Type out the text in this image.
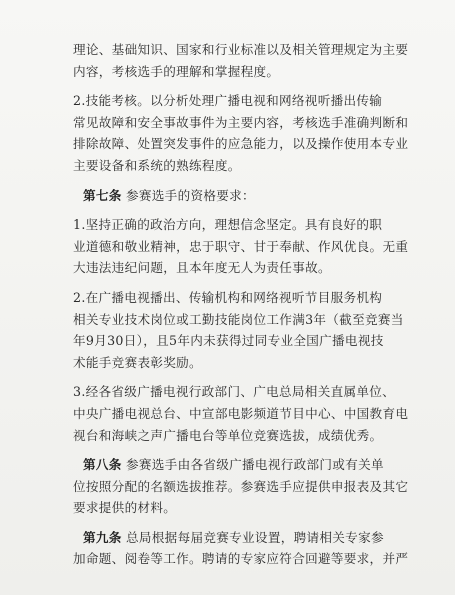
理论、基础知识、国家和行业标准以及相关管理规定为主要
内容，考核选手的理解和掌握程度。
2.技能考核。以分析处理广播电视和网络视听播出传输
常见故障和安全事故事件为主要内容，考核选手准确判断和
排除故障、处置突发事件的应急能力，以及操作使用本专业
主要设备和系统的熟练程度。
第七条 参赛选手的资格要求：
1.坚持正确的政治方向，理想信念坚定。具有良好的职
业道德和敬业精神，忠于职守、甘于奉献、作风优良。无重
大违法违纪问题，且本年度无人为责任事故。
2.在广播电视播出、传输机构和网络视听节目服务机构
相关专业技术岗位或工勤技能岗位工作满3年（截至竞赛当
年9月30日），且5年内未获得过同专业全国广播电视技
术能手竞赛表彰奖励。
3.经各省级广播电视行政部门、广电总局相关直属单位、
中央广播电视总台、中宣部电影频道节目中心、中国教育电
视台和海峡之声广播电台等单位竞赛选拔，成绩优秀。
第八条 参赛选手由各省级广播电视行政部门或有关单
位按照分配的名额选拔推荐。参赛选手应提供申报表及其它
要求提供的材料。
第九条 总局根据每届竞赛专业设置，聘请相关专家参
加命题、阅卷等工作。聘请的专家应符合回避等要求，并严
